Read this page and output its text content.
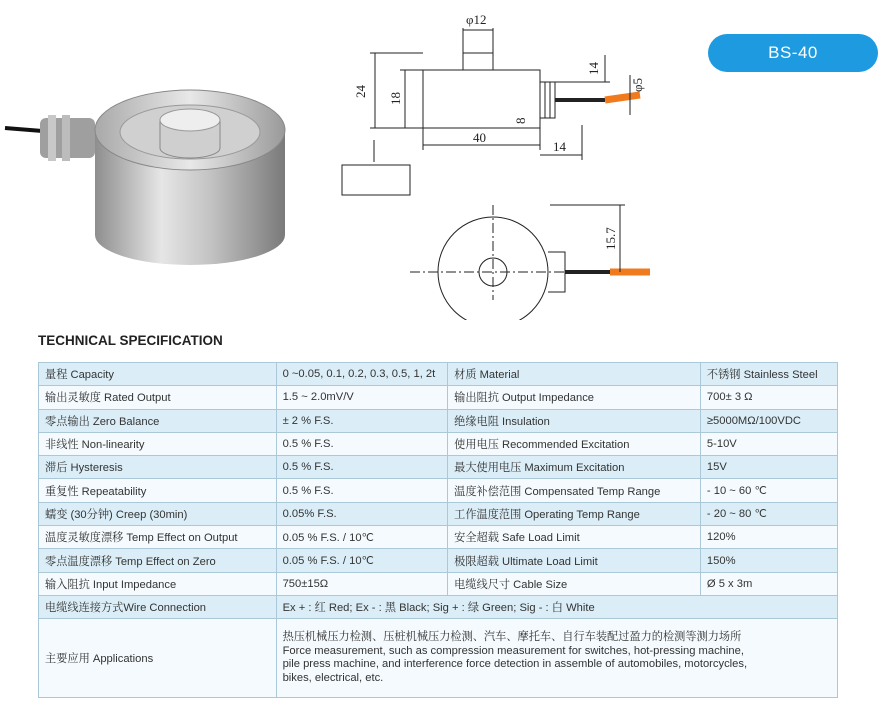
φ12
24
18
14
φ5
8
40
14
15.7
BS-40
TECHNICAL SPECIFICATION
量程 Capacity	0 ~0.05, 0.1, 0.2, 0.3, 0.5, 1, 2t	材质 Material	不锈钢 Stainless Steel
输出灵敏度 Rated Output	1.5 ~ 2.0mV/V	输出阻抗 Output Impedance	700± 3 Ω
零点输出 Zero Balance	± 2 % F.S.	绝缘电阻 Insulation	≥5000MΩ/100VDC
非线性 Non-linearity	0.5 % F.S.	使用电压 Recommended Excitation	5-10V
滞后 Hysteresis	0.5 % F.S.	最大使用电压 Maximum Excitation	15V
重复性 Repeatability	0.5 % F.S.	温度补偿范围 Compensated Temp Range	- 10 ~ 60 ℃
蠕变 (30分钟) Creep (30min)	0.05% F.S.	工作温度范围 Operating Temp Range	- 20 ~ 80 ℃
温度灵敏度漂移 Temp Effect on Output	0.05 % F.S. / 10℃	安全超载 Safe Load Limit	120%
零点温度漂移 Temp Effect on Zero	0.05 % F.S. / 10℃	极限超载 Ultimate Load Limit	150%
输入阻抗 Input Impedance	750±15Ω	电缆线尺寸 Cable Size	Ø 5 x 3m
电缆线连接方式Wire Connection	Ex + : 红 Red; Ex - : 黑 Black; Sig + : 绿 Green; Sig - : 白 White		
主要应用 Applications	热压机械压力检测、压桩机械压力检测、汽车、摩托车、自行车装配过盈力的检测等测力场所
Force measurement, such as compression measurement for switches, hot-pressing machine,
pile press machine, and interference force detection in assemble of automobiles, motorcycles,
bikes, electrical, etc.		
